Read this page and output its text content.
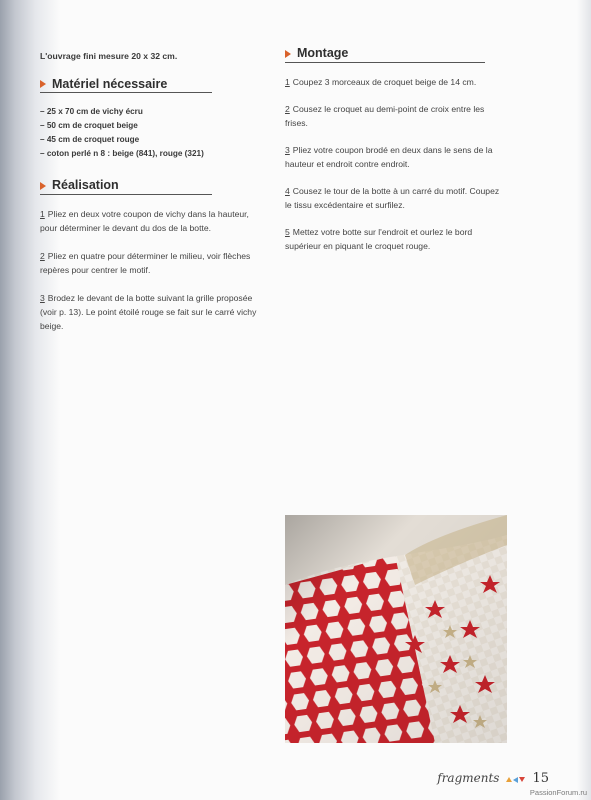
L'ouvrage fini mesure 20 x 32 cm.

Matériel nécessaire
– 25 x 70 cm de vichy écru
– 50 cm de croquet beige
– 45 cm de croquet rouge
– coton perlé n 8 : beige (841), rouge (321)
Réalisation

1 Pliez en deux votre coupon de vichy dans la hauteur, pour déterminer le devant du dos de la botte.

2 Pliez en quatre pour déterminer le milieu, voir flèches repères pour centrer le motif.

3 Brodez le devant de la botte suivant la grille proposée (voir p. 13). Le point étoilé rouge se fait sur le carré vichy beige.

Montage

1 Coupez 3 morceaux de croquet beige de 14 cm.

2 Cousez le croquet au demi-point de croix entre les frises.

3 Pliez votre coupon brodé en deux dans le sens de la hauteur et endroit contre endroit.

4 Cousez le tour de la botte à un carré du motif. Coupez le tissu excédentaire et surfilez.

5 Mettez votre botte sur l'endroit et ourlez le bord supérieur en piquant le croquet rouge.

fragments	15
PassionForum.ru
